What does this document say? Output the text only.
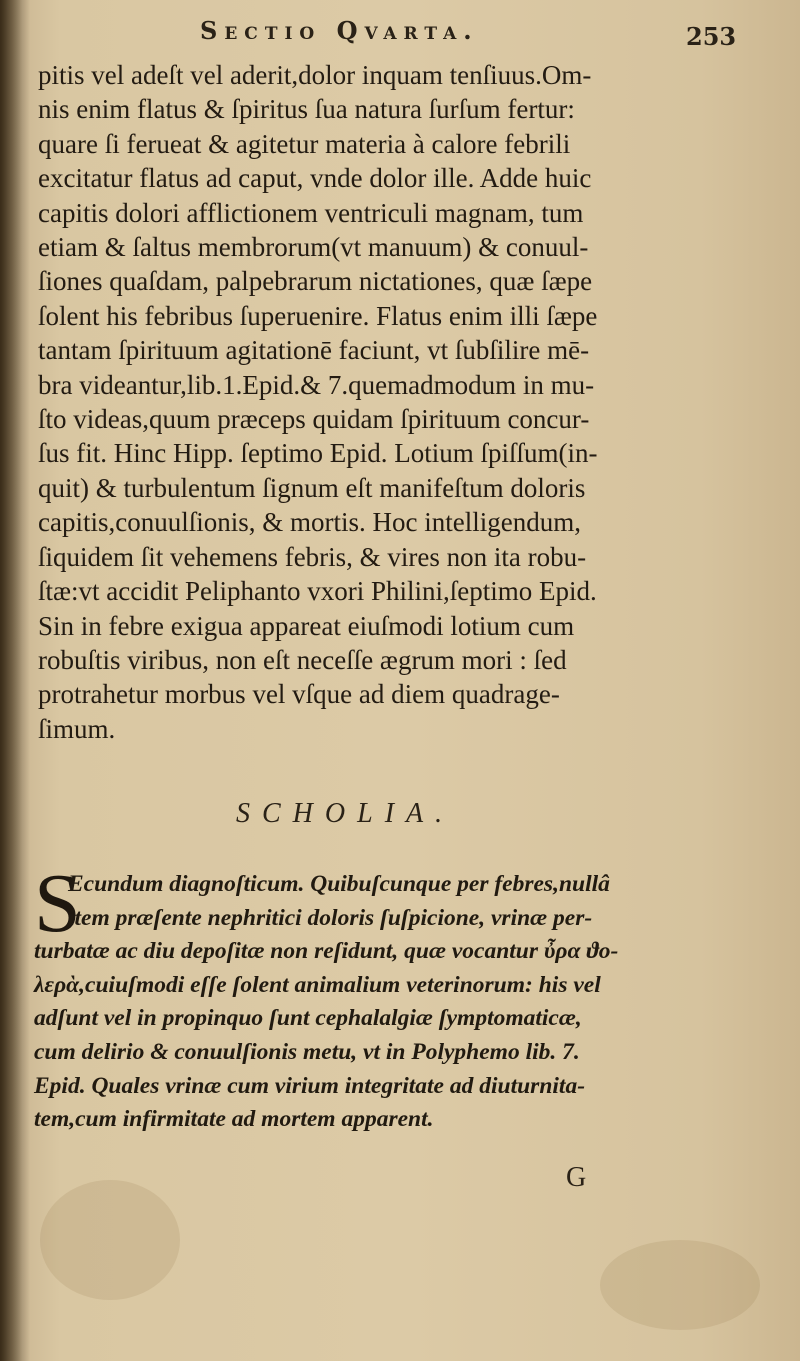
Sectio Qvarta.	253
pitis vel adeſt vel aderit,dolor inquam tenſiuus.Om-
nis enim flatus & ſpiritus ſua natura ſurſum fertur:
quare ſi ferueat & agitetur materia à calore febrili
excitatur flatus ad caput, vnde dolor ille. Adde huic
capitis dolori afflictionem ventriculi magnam, tum
etiam & ſaltus membrorum(vt manuum) & conuul-
ſiones quaſdam, palpebrarum nictationes, quæ ſæpe
ſolent his febribus ſuperuenire. Flatus enim illi ſæpe
tantam ſpirituum agitationē faciunt, vt ſubſilire mē-
bra videantur,lib.1.Epid.& 7.quemadmodum in mu-
ſto videas,quum præceps quidam ſpirituum concur-
ſus fit. Hinc Hipp. ſeptimo Epid. Lotium ſpiſſum(in-
quit) & turbulentum ſignum eſt manifeſtum doloris
capitis,conuulſionis, & mortis. Hoc intelligendum,
ſiquidem ſit vehemens febris, & vires non ita robu-
ſtæ:vt accidit Peliphanto vxori Philini,ſeptimo Epid.
Sin in febre exigua appareat eiuſmodi lotium cum
robuſtis viribus, non eſt neceſſe ægrum mori : ſed
protrahetur morbus vel vſque ad diem quadrage-
ſimum.
SCHOLIA.
S
Ecundum diagnoſticum. Quibuſcunque per febres,nullâ
item præſente nephritici doloris ſuſpicione, vrinæ per-
turbatæ ac diu depoſitæ non reſidunt, quæ vocantur ὖρα ϑο-
λερὰ,cuiuſmodi eſſe ſolent animalium veterinorum: his vel
adſunt vel in propinquo ſunt cephalalgiæ ſymptomaticæ,
cum delirio & conuulſionis metu, vt in Polyphemo lib. 7.
Epid. Quales vrinæ cum virium integritate ad diuturnita-
tem,cum infirmitate ad mortem apparent.
G
